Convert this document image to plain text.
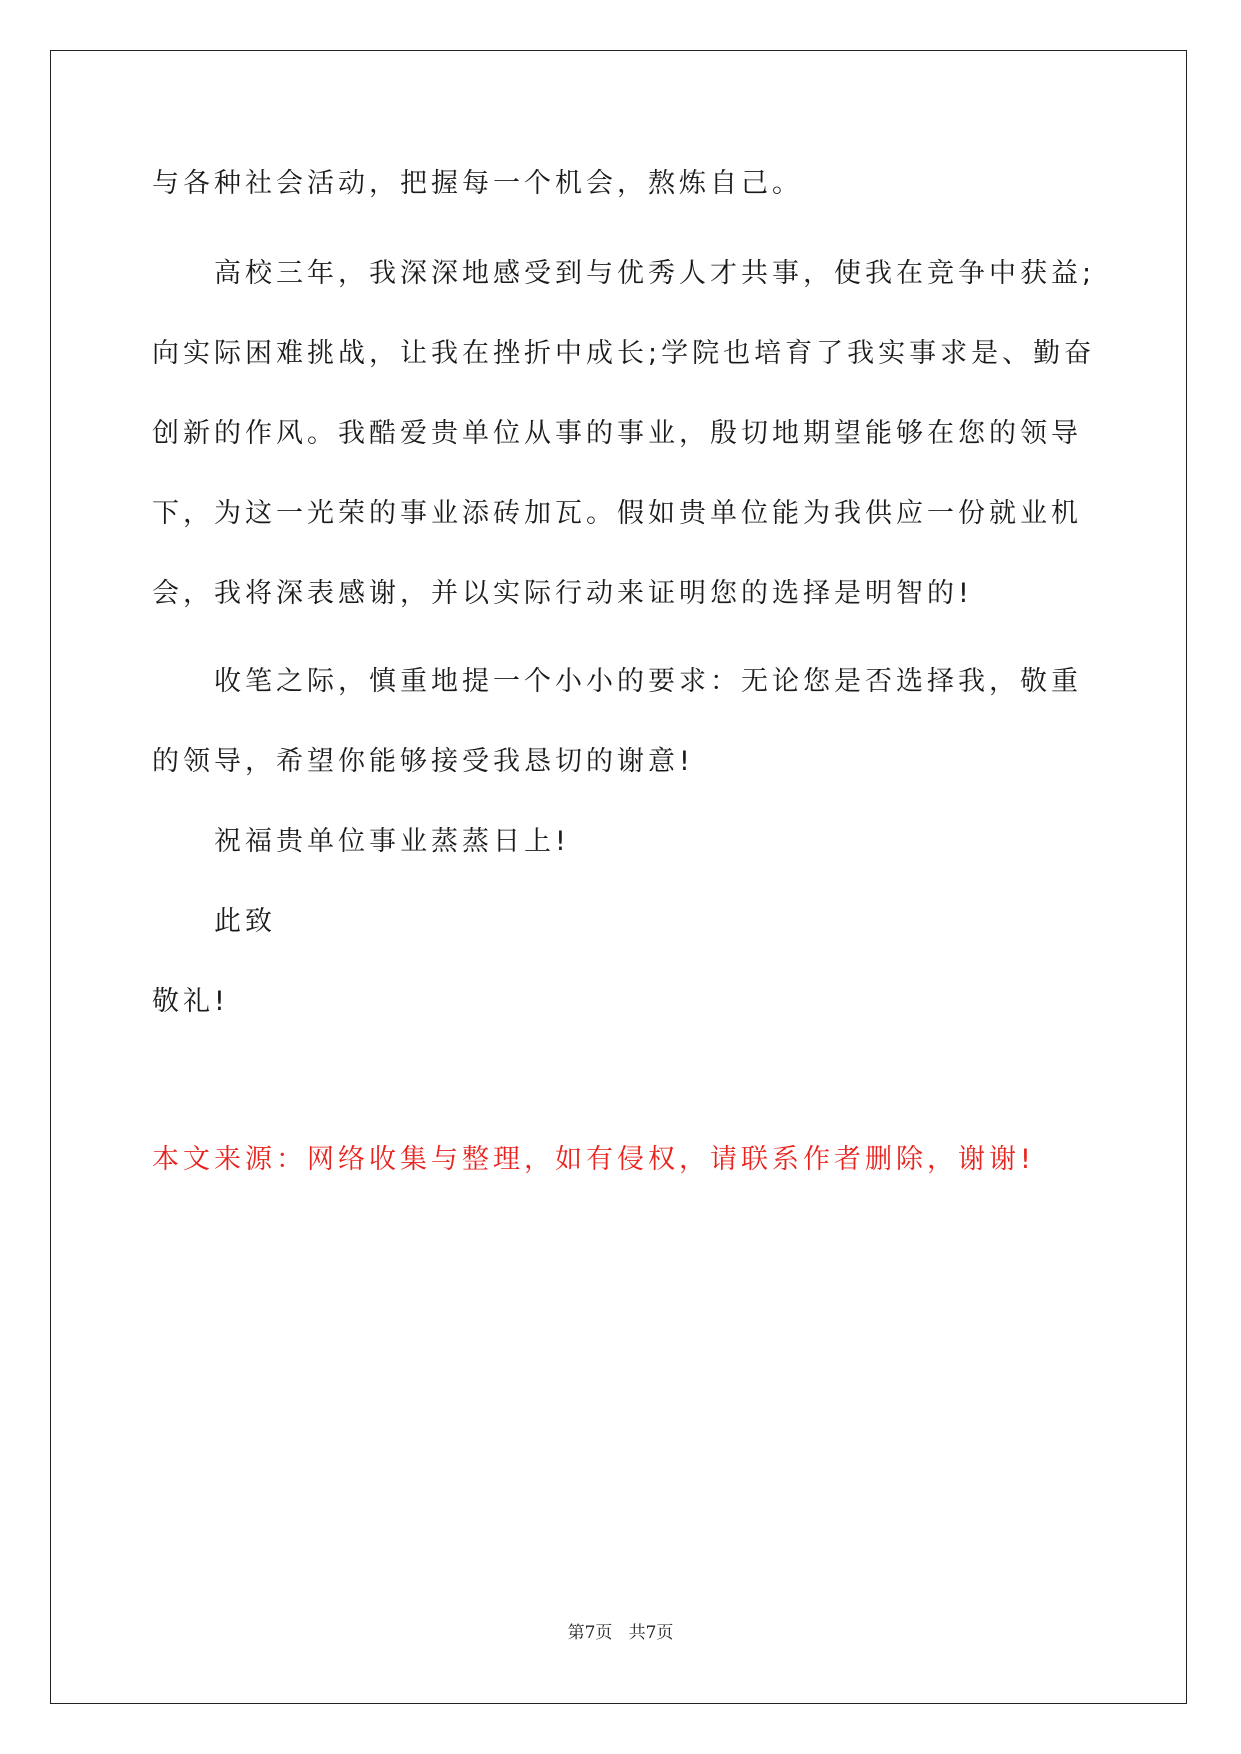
与各种社会活动，把握每一个机会，熬炼自己。
高校三年，我深深地感受到与优秀人才共事，使我在竞争中获益;
向实际困难挑战，让我在挫折中成长;学院也培育了我实事求是、勤奋
创新的作风。我酷爱贵单位从事的事业，殷切地期望能够在您的领导
下，为这一光荣的事业添砖加瓦。假如贵单位能为我供应一份就业机
会，我将深表感谢，并以实际行动来证明您的选择是明智的!
收笔之际，慎重地提一个小小的要求：无论您是否选择我，敬重
的领导，希望你能够接受我恳切的谢意!
祝福贵单位事业蒸蒸日上!
此致
敬礼!
本文来源：网络收集与整理，如有侵权，请联系作者删除，谢谢!
第7页   共7页
